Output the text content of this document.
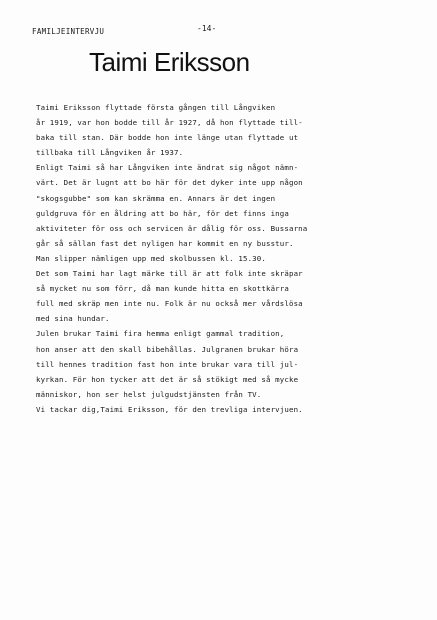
FAMILJEINTERVJU	-14-
Taimi Eriksson
Taimi Eriksson flyttade första gången till Långviken
år 1919, var hon bodde till år 1927, då hon flyttade till-
baka till stan. Där bodde hon inte länge utan flyttade ut
tillbaka till Långviken år 1937.
Enligt Taimi så har Långviken inte ändrat sig något nämn-
värt. Det är lugnt att bo här för det dyker inte upp någon
"skogsgubbe" som kan skrämma en. Annars är det ingen
guldgruva för en åldring att bo här, för det finns inga
aktiviteter för oss och servicen är dålig för oss. Bussarna
går så sällan fast det nyligen har kommit en ny busstur.
Man slipper nämligen upp med skolbussen kl. 15.30.
Det som Taimi har lagt märke till är att folk inte skräpar
så mycket nu som förr, då man kunde hitta en skottkärra
full med skräp men inte nu. Folk är nu också mer vårdslösa
med sina hundar.
Julen brukar Taimi fira hemma enligt gammal tradition,
hon anser att den skall bibehållas. Julgranen brukar höra
till hennes tradition fast hon inte brukar vara till jul-
kyrkan. För hon tycker att det är så stökigt med så mycke
människor, hon ser helst julgudstjänsten från TV.
Vi tackar dig,Taimi Eriksson, för den trevliga intervjuen.
